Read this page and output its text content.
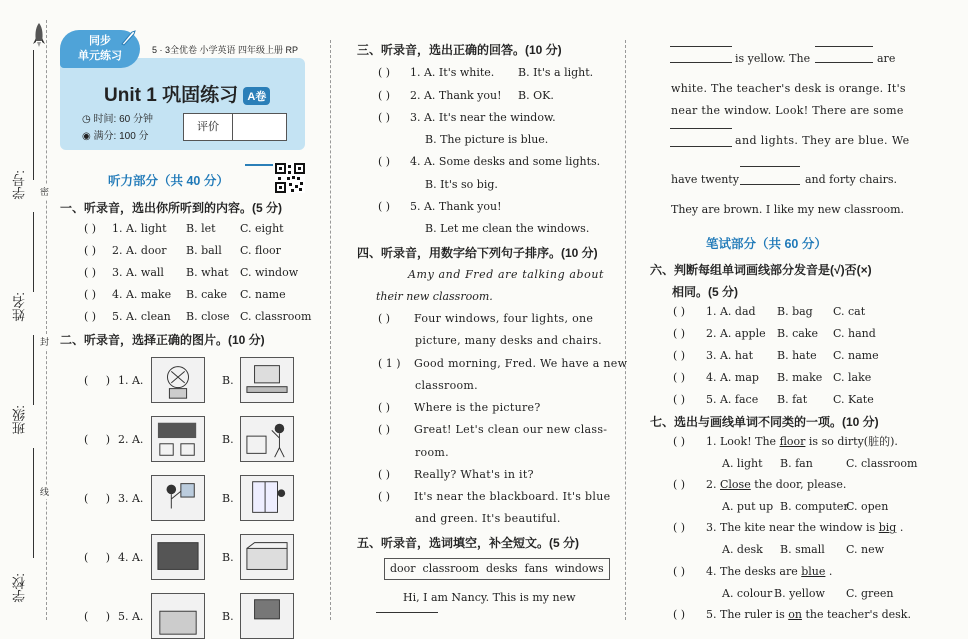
学号:
姓名:
班级:
学校:
密
封
线
同步
单元练习	5 · 3全优卷 小学英语 四年级上册 RP
Unit 1 巩固练习 A卷
◷ 时间: 60 分钟
◉ 满分: 100 分
评价
听力部分（共 40 分）
一、听录音，选出你所听到的内容。(5 分)
( ) 1. A. light B. let C. eight
( ) 2. A. door B. ball C. floor
( ) 3. A. wall B. what C. window
( ) 4. A. make B. cake C. name
( ) 5. A. clean B. close C. classroom
二、听录音，选择正确的图片。(10 分)
(     ) 1. A.	B.
(     ) 2. A.	B.
(     ) 3. A.	B.
(     ) 4. A.	B.
(     ) 5. A.	B.
三、听录音，选出正确的回答。(10 分)
( ) 1. A. It's white. B. It's a light.
( ) 2. A. Thank you! B. OK.
( ) 3. A. It's near the window.
B. The picture is blue.
( ) 4. A. Some desks and some lights.
B. It's so big.
( ) 5. A. Thank you!
B. Let me clean the windows.
四、听录音，用数字给下列句子排序。(10 分)
Amy and Fred are talking about
their new classroom.
( ) Four windows, four lights, one
picture, many desks and chairs.
( 1 ) Good morning, Fred. We have a new
classroom.
( ) Where is the picture?
( ) Great! Let's clean our new class-
room.
( ) Really? What's in it?
( ) It's near the blackboard. It's blue
and green. It's beautiful.
五、听录音，选词填空，补全短文。(5 分)
door  classroom  desks  fans  windows
Hi, I am Nancy. This is my new
is yellow. The	are
white. The teacher's desk is orange. It's
near the window. Look! There are some
and lights. They are blue. We
have twenty	and forty chairs.
They are brown. I like my new classroom.
笔试部分（共 60 分）
六、判断每组单词画线部分发音是(√)否(×)
相同。(5 分)
( ) 1. A. dad B. bag C. cat
( ) 2. A. apple B. cake C. hand
( ) 3. A. hat B. hate C. name
( ) 4. A. map B. make C. lake
( ) 5. A. face B. fat C. Kate
七、选出与画线单词不同类的一项。(10 分)
( ) 1. Look! The floor is so dirty(脏的).
A. light B. fan	C. classroom
( ) 2. Close the door, please.
A. put up B. computer
C. open
( ) 3. The kite near the window is big .
A. desk B. small C. new
( ) 4. The desks are blue .
A. colour B. yellow C. green
( ) 5. The ruler is on the teacher's desk.
